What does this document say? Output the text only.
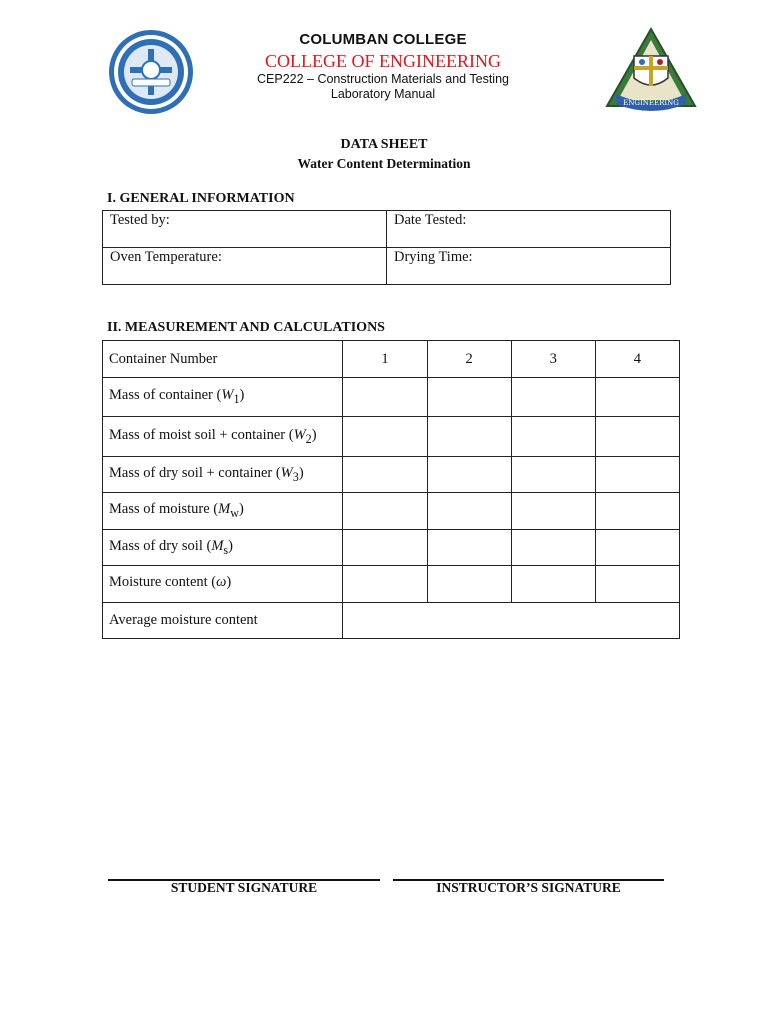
COLUMBAN COLLEGE
COLLEGE OF ENGINEERING
CEP222 – Construction Materials and Testing
Laboratory Manual
ENGINEERING
DATA SHEET
Water Content Determination
I. GENERAL INFORMATION
Tested by:	Date Tested:
Oven Temperature:	Drying Time:
II. MEASUREMENT AND CALCULATIONS
Container Number	1	2	3	4
Mass of container $(W_1)$				
Mass of moist soil + container $(W_2)$				
Mass of dry soil + container $(W_3)$				
Mass of moisture $(M_w)$				
Mass of dry soil $(M_s)$				
Moisture content (ω)				
Average moisture content				
STUDENT SIGNATURE	INSTRUCTOR’S SIGNATURE
